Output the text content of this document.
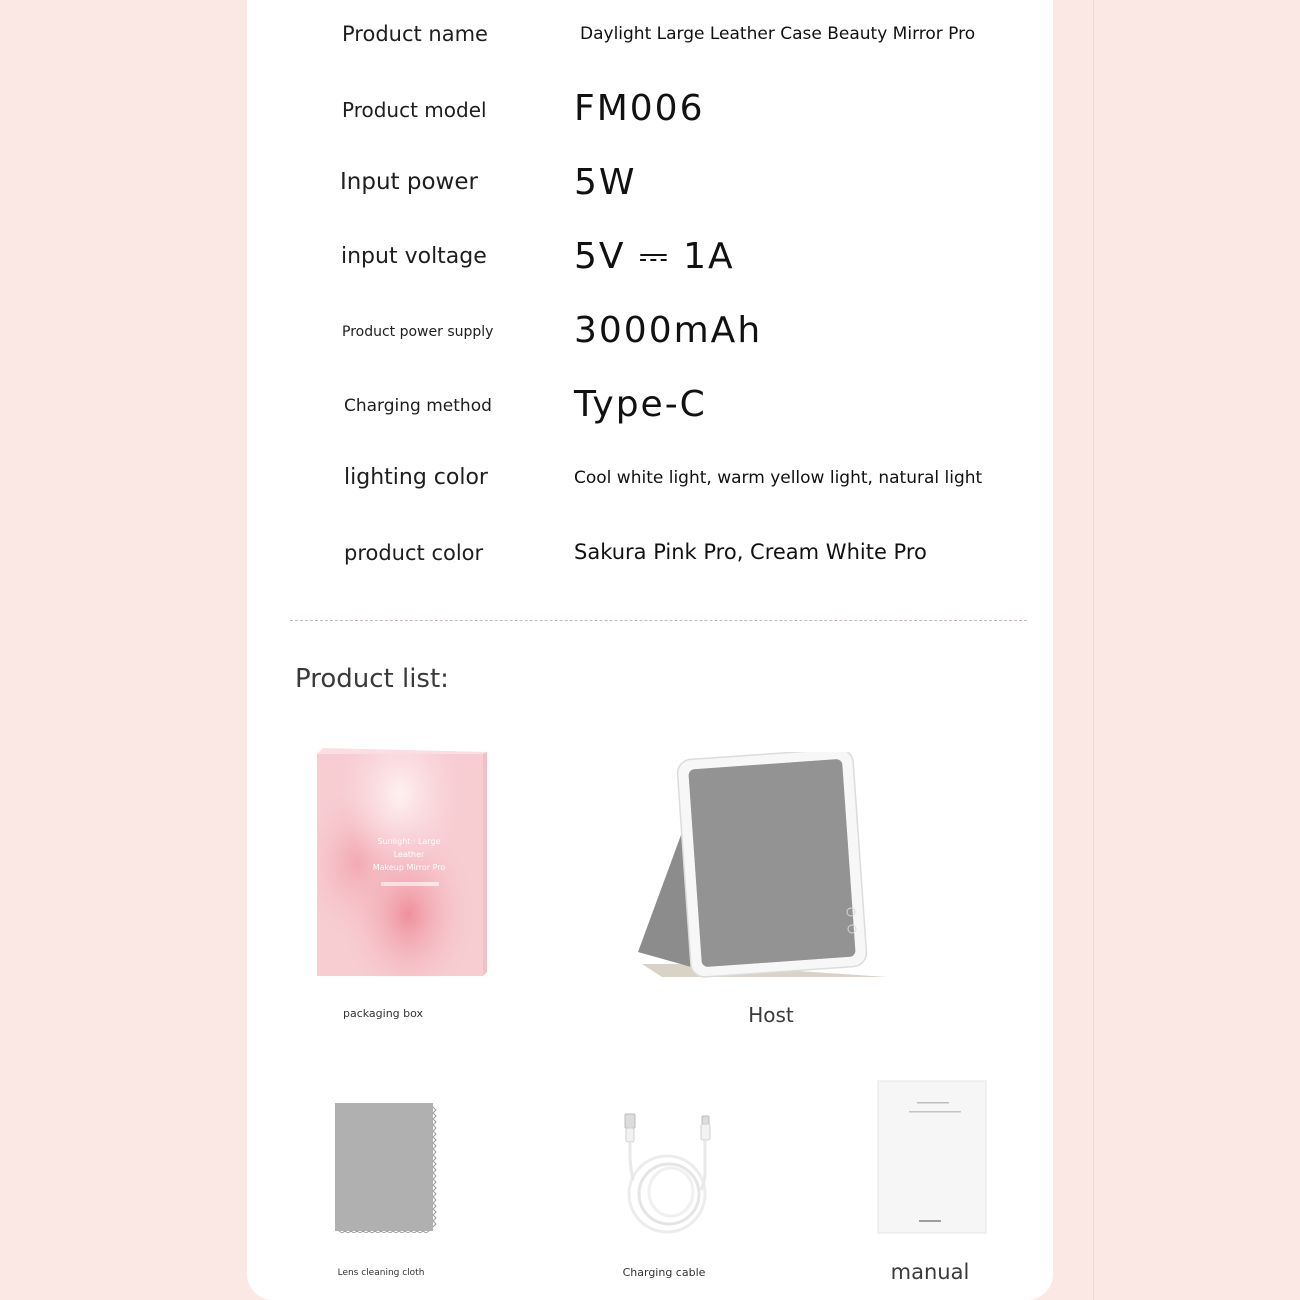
Product name	Daylight Large Leather Case Beauty Mirror Pro
Product model FM006
Input power	5W
input voltage 5V ⎓ 1A
Product power supply 3000mAh
Charging method Type-C
lighting color	Cool white light, warm yellow light, natural light
product color	Sakura Pink Pro, Cream White Pro
Product list:
Sunlight · Large
Leather
Makeup Mirror Pro
packaging box	Host
Lens cleaning cloth	Charging cable	manual
